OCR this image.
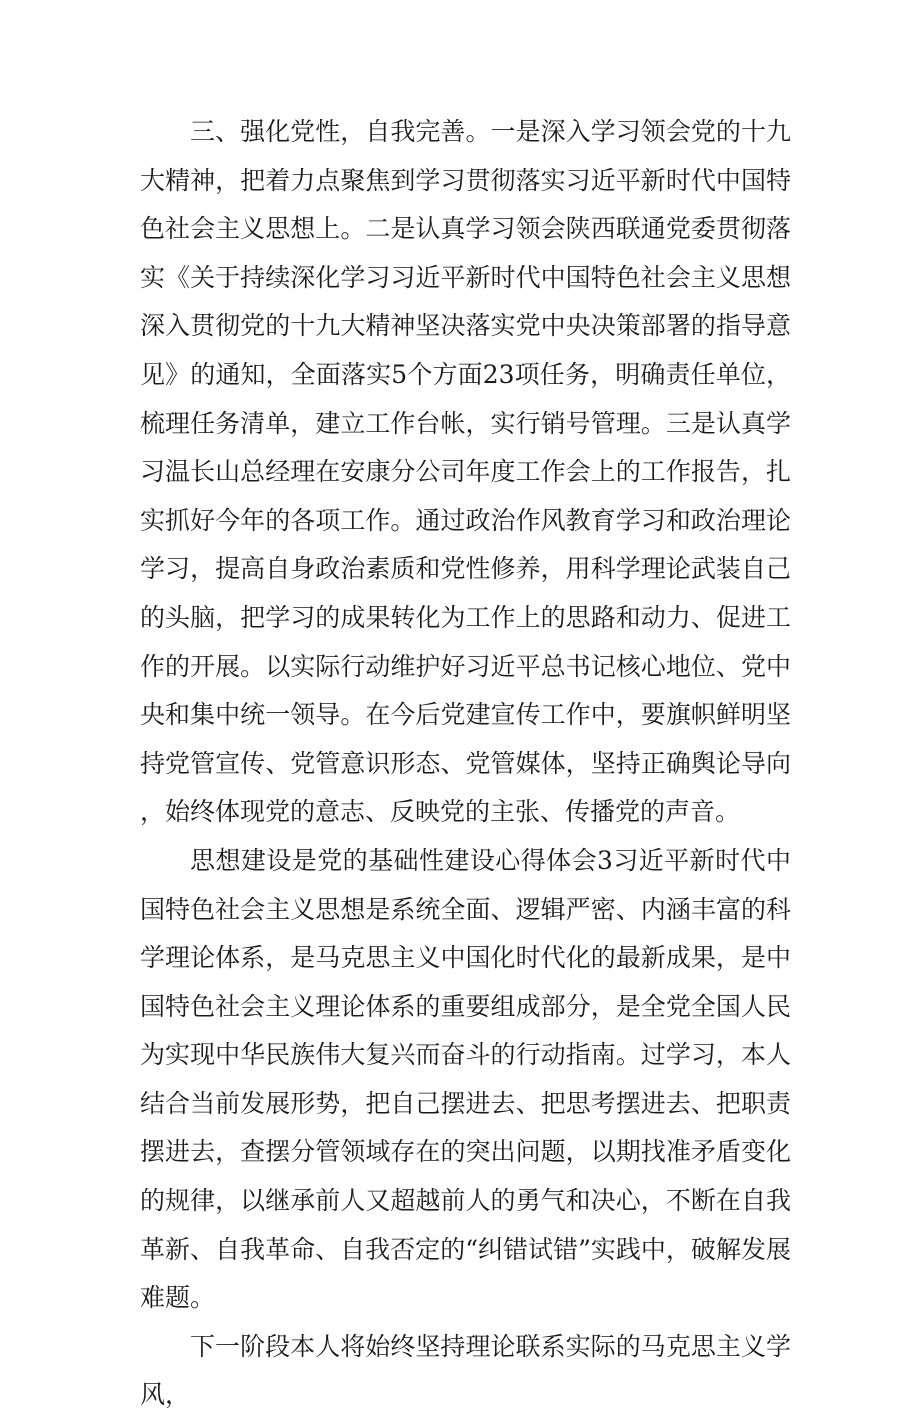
三、强化党性，自我完善。一是深入学习领会党的十九大精神，把着力点聚焦到学习贯彻落实习近平新时代中国特色社会主义思想上。二是认真学习领会陕西联通党委贯彻落实《关于持续深化学习习近平新时代中国特色社会主义思想深入贯彻党的十九大精神坚决落实党中央决策部署的指导意见》的通知，全面落实5个方面23项任务，明确责任单位，梳理任务清单，建立工作台帐，实行销号管理。三是认真学习温长山总经理在安康分公司年度工作会上的工作报告，扎实抓好今年的各项工作。通过政治作风教育学习和政治理论学习，提高自身政治素质和党性修养，用科学理论武装自己的头脑，把学习的成果转化为工作上的思路和动力、促进工作的开展。以实际行动维护好习近平总书记核心地位、党中央和集中统一领导。在今后党建宣传工作中，要旗帜鲜明坚持党管宣传、党管意识形态、党管媒体，坚持正确舆论导向，始终体现党的意志、反映党的主张、传播党的声音。

思想建设是党的基础性建设心得体会3习近平新时代中国特色社会主义思想是系统全面、逻辑严密、内涵丰富的科学理论体系，是马克思主义中国化时代化的最新成果，是中国特色社会主义理论体系的重要组成部分，是全党全国人民为实现中华民族伟大复兴而奋斗的行动指南。过学习，本人结合当前发展形势，把自己摆进去、把思考摆进去、把职责摆进去，查摆分管领域存在的突出问题，以期找准矛盾变化的规律，以继承前人又超越前人的勇气和决心，不断在自我革新、自我革命、自我否定的“纠错试错”实践中，破解发展难题。

下一阶段本人将始终坚持理论联系实际的马克思主义学风，
